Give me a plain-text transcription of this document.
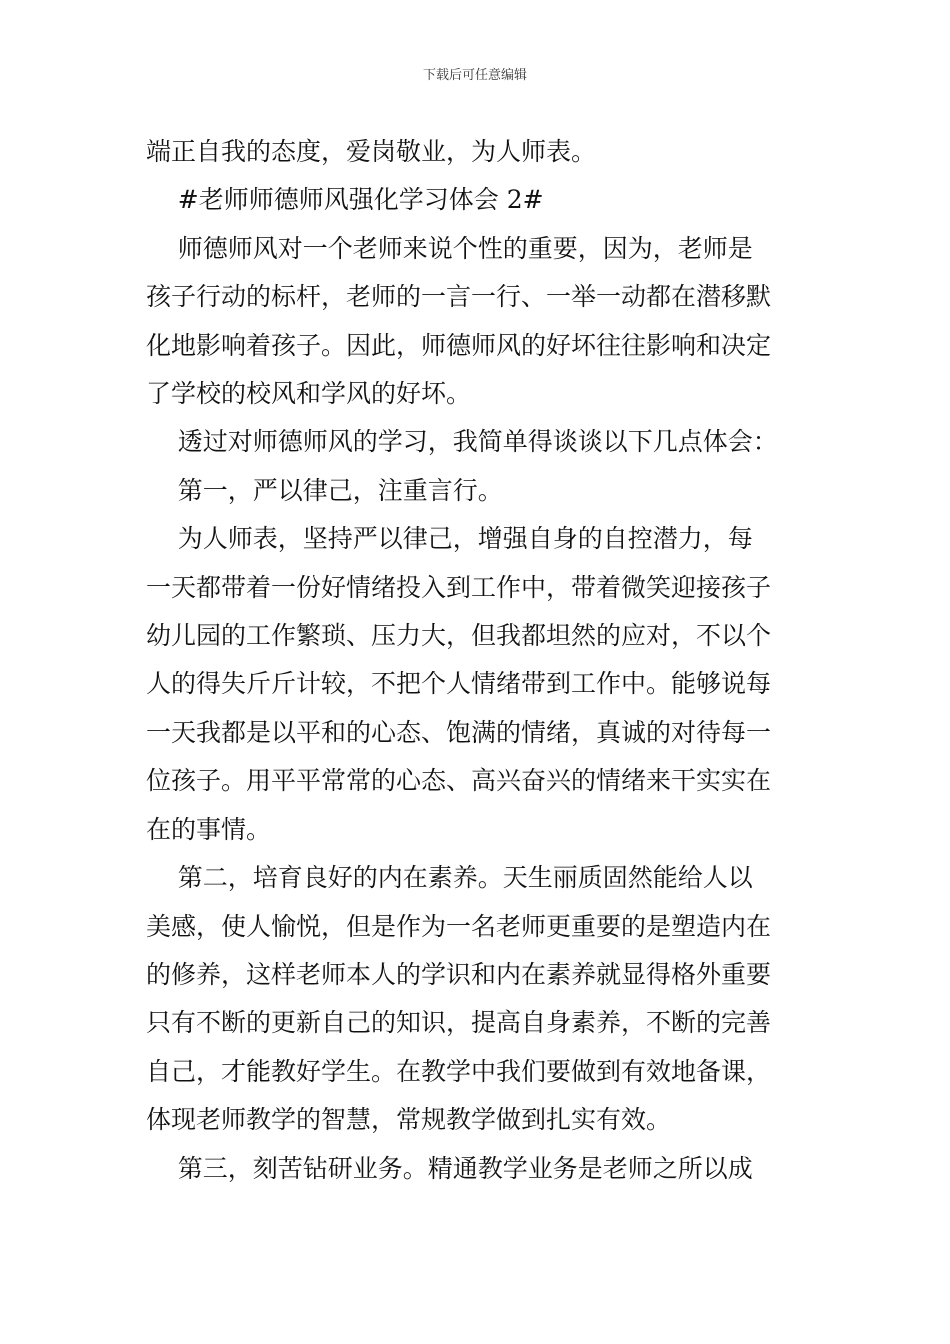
下载后可任意编辑

端正自我的态度，爱岗敬业，为人师表。

#老师师德师风强化学习体会 2#

师德师风对一个老师来说个性的重要，因为，老师是

孩子行动的标杆，老师的一言一行、一举一动都在潜移默

化地影响着孩子。因此，师德师风的好坏往往影响和决定

了学校的校风和学风的好坏。

透过对师德师风的学习，我简单得谈谈以下几点体会：

第一，严以律己，注重言行。

为人师表，坚持严以律己，增强自身的自控潜力，每

一天都带着一份好情绪投入到工作中，带着微笑迎接孩子

幼儿园的工作繁琐、压力大，但我都坦然的应对，不以个

人的得失斤斤计较，不把个人情绪带到工作中。能够说每

一天我都是以平和的心态、饱满的情绪，真诚的对待每一

位孩子。用平平常常的心态、高兴奋兴的情绪来干实实在

在的事情。

第二，培育良好的内在素养。天生丽质固然能给人以

美感，使人愉悦，但是作为一名老师更重要的是塑造内在

的修养，这样老师本人的学识和内在素养就显得格外重要

只有不断的更新自己的知识，提高自身素养，不断的完善

自己，才能教好学生。在教学中我们要做到有效地备课，

体现老师教学的智慧，常规教学做到扎实有效。

第三，刻苦钻研业务。精通教学业务是老师之所以成
